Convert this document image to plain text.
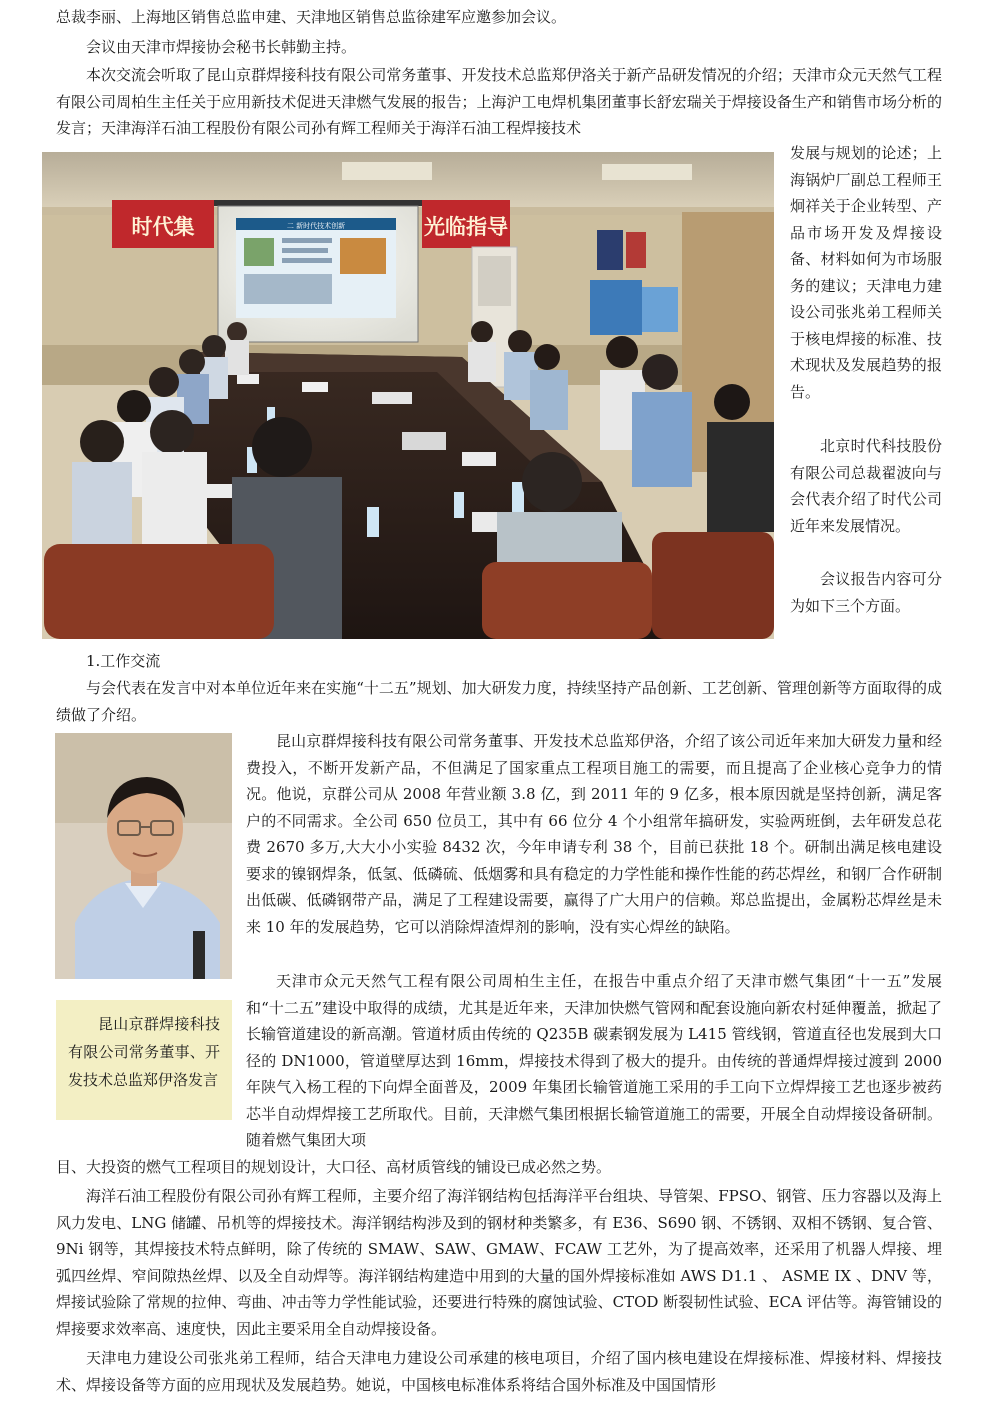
总裁李丽、上海地区销售总监申建、天津地区销售总监徐建军应邀参加会议。

会议由天津市焊接协会秘书长韩勤主持。

本次交流会听取了昆山京群焊接科技有限公司常务董事、开发技术总监郑伊洛关于新产品研发情况的介绍；天津市众元天然气工程有限公司周柏生主任关于应用新技术促进天津燃气发展的报告；上海沪工电焊机集团董事长舒宏瑞关于焊接设备生产和销售市场分析的发言；天津海洋石油工程股份有限公司孙有辉工程师关于海洋石油工程焊接技术

时代集	光临指导
二 新时代技术创新

发展与规划的论述；上海锅炉厂副总工程师王炯祥关于企业转型、产品市场开发及焊接设备、材料如何为市场服务的建议；天津电力建设公司张兆弟工程师关于核电焊接的标准、技术现状及发展趋势的报告。

北京时代科技股份有限公司总裁翟波向与会代表介绍了时代公司近年来发展情况。

会议报告内容可分为如下三个方面。

1.工作交流

与会代表在发言中对本单位近年来在实施“十二五”规划、加大研发力度，持续坚持产品创新、工艺创新、管理创新等方面取得的成绩做了介绍。

昆山京群焊接科技有限公司常务董事、开发技术总监郑伊洛发言

昆山京群焊接科技有限公司常务董事、开发技术总监郑伊洛，介绍了该公司近年来加大研发力量和经费投入，不断开发新产品，不但满足了国家重点工程项目施工的需要，而且提高了企业核心竞争力的情况。他说，京群公司从 2008 年营业额 3.8 亿，到 2011 年的 9 亿多，根本原因就是坚持创新，满足客户的不同需求。全公司 650 位员工，其中有 66 位分 4 个小组常年搞研发，实验两班倒，去年研发总花费 2670 多万,大大小小实验 8432 次，今年申请专利 38 个，目前已获批 18 个。研制出满足核电建设要求的镍钢焊条，低氢、低磷硫、低烟雾和具有稳定的力学性能和操作性能的药芯焊丝，和钢厂合作研制出低碳、低磷钢带产品，满足了工程建设需要，赢得了广大用户的信赖。郑总监提出，金属粉芯焊丝是未来 10 年的发展趋势，它可以消除焊渣焊剂的影响，没有实心焊丝的缺陷。

天津市众元天然气工程有限公司周柏生主任，在报告中重点介绍了天津市燃气集团“十一五”发展和“十二五”建设中取得的成绩，尤其是近年来，天津加快燃气管网和配套设施向新农村延伸覆盖，掀起了长输管道建设的新高潮。管道材质由传统的 Q235B 碳素钢发展为 L415 管线钢，管道直径也发展到大口径的 DN1000，管道壁厚达到 16mm，焊接技术得到了极大的提升。由传统的普通焊焊接过渡到 2000 年陕气入杨工程的下向焊全面普及，2009 年集团长输管道施工采用的手工向下立焊焊接工艺也逐步被药芯半自动焊焊接工艺所取代。目前，天津燃气集团根据长输管道施工的需要，开展全自动焊接设备研制。随着燃气集团大项

目、大投资的燃气工程项目的规划设计，大口径、高材质管线的铺设已成必然之势。

海洋石油工程股份有限公司孙有辉工程师，主要介绍了海洋钢结构包括海洋平台组块、导管架、FPSO、钢管、压力容器以及海上风力发电、LNG 储罐、吊机等的焊接技术。海洋钢结构涉及到的钢材种类繁多，有 E36、S690 钢、不锈钢、双相不锈钢、复合管、9Ni 钢等，其焊接技术特点鲜明，除了传统的 SMAW、SAW、GMAW、FCAW 工艺外，为了提高效率，还采用了机器人焊接、埋弧四丝焊、窄间隙热丝焊、以及全自动焊等。海洋钢结构建造中用到的大量的国外焊接标准如 AWS D1.1 、 ASME IX 、DNV 等，焊接试验除了常规的拉伸、弯曲、冲击等力学性能试验，还要进行特殊的腐蚀试验、CTOD 断裂韧性试验、ECA 评估等。海管铺设的焊接要求效率高、速度快，因此主要采用全自动焊接设备。

天津电力建设公司张兆弟工程师，结合天津电力建设公司承建的核电项目，介绍了国内核电建设在焊接标准、焊接材料、焊接技术、焊接设备等方面的应用现状及发展趋势。她说，中国核电标准体系将结合国外标准及中国国情形
